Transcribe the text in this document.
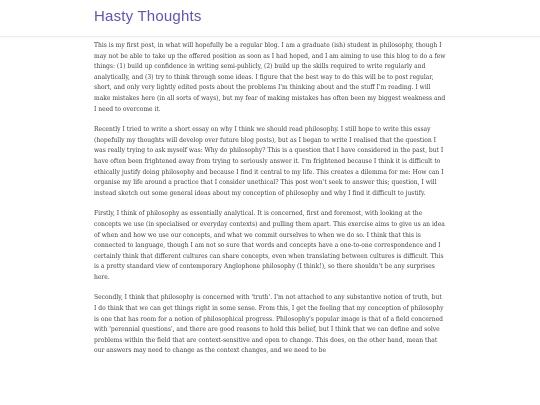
Hasty Thoughts

This is my first post, in what will hopefully be a regular blog. I am a graduate (ish) student in philosophy, though I may not be able to take up the offered position as soon as I had hoped, and I am aiming to use this blog to do a few things: (1) build up confidence in writing semi-publicly, (2) build up the skills required to write regularly and analytically, and (3) try to think through some ideas. I figure that the best way to do this will be to post regular, short, and only very lightly edited posts about the problems I'm thinking about and the stuff I'm reading. I will make mistakes here (in all sorts of ways), but my fear of making mistakes has often been my biggest weakness and I need to overcome it.

Recently I tried to write a short essay on why I think we should read philosophy. I still hope to write this essay (hopefully my thoughts will develop over future blog posts), but as I began to write I realised that the question I was really trying to ask myself was: Why do philosophy? This is a question that I have considered in the past, but I have often been frightened away from trying to seriously answer it. I'm frightened because I think it is difficult to ethically justify doing philosophy and because I find it central to my life. This creates a dilemma for me: How can I organise my life around a practice that I consider unethical? This post won't seek to answer this; question, I will instead sketch out some general ideas about my conception of philosophy and why I find it difficult to justify.

Firstly, I think of philosophy as essentially analytical. It is concerned, first and foremost, with looking at the concepts we use (in specialised or everyday contexts) and pulling them apart. This exercise aims to give us an idea of when and how we use our concepts, and what we commit ourselves to when we do so. I think that this is connected to language, though I am not so sure that words and concepts have a one-to-one correspondence and I certainly think that different cultures can share concepts, even when translating between cultures is difficult. This is a pretty standard view of contemporary Anglophone philosophy (I think!), so there shouldn't be any surprises here.

Secondly, I think that philosophy is concerned with 'truth'. I'm not attached to any substantive notion of truth, but I do think that we can get things right in some sense. From this, I get the feeling that my conception of philosophy is one that has room for a notion of philosophical progress. Philosophy's popular image is that of a field concerned with 'perennial questions', and there are good reasons to hold this belief, but I think that we can define and solve problems within the field that are context-sensitive and open to change. This does, on the other hand, mean that our answers may need to change as the context changes, and we need to be
